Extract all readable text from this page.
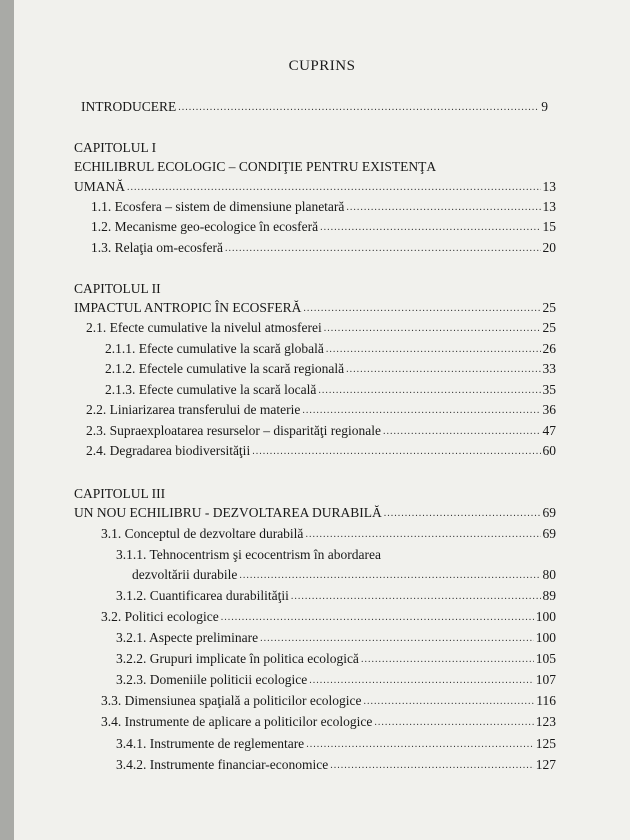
CUPRINS
INTRODUCERE .....	9
CAPITOLUL I
ECHILIBRUL ECOLOGIC – CONDIŢIE PENTRU EXISTENŢA
UMANĂ .....	13
1.1. Ecosfera – sistem de dimensiune planetară .....	13
1.2. Mecanisme geo-ecologice în ecosferă .....	15
1.3. Relaţia om-ecosferă .....	20
CAPITOLUL II
IMPACTUL ANTROPIC ÎN ECOSFERĂ .....	25
2.1. Efecte cumulative la nivelul atmosferei .....	25
2.1.1. Efecte cumulative la scară globală .....	26
2.1.2. Efectele cumulative la scară regională .....	33
2.1.3. Efecte cumulative la scară locală .....	35
2.2. Liniarizarea transferului de materie .....	36
2.3. Supraexploatarea resurselor – disparităţi regionale .....	47
2.4. Degradarea biodiversităţii .....	60
CAPITOLUL III
UN NOU ECHILIBRU - DEZVOLTAREA DURABILĂ .....	69
3.1. Conceptul de dezvoltare durabilă .....	69
3.1.1. Tehnocentrism şi ecocentrism în abordarea
dezvoltării durabile .....	80
3.1.2. Cuantificarea durabilităţii .....	89
3.2. Politici ecologice .....	100
3.2.1. Aspecte preliminare .....	100
3.2.2. Grupuri implicate în politica ecologică .....	105
3.2.3. Domeniile politicii ecologice .....	107
3.3. Dimensiunea spaţială a politicilor ecologice .....	116
3.4. Instrumente de aplicare a politicilor ecologice .....	123
3.4.1. Instrumente de reglementare .....	125
3.4.2. Instrumente financiar-economice .....	127
